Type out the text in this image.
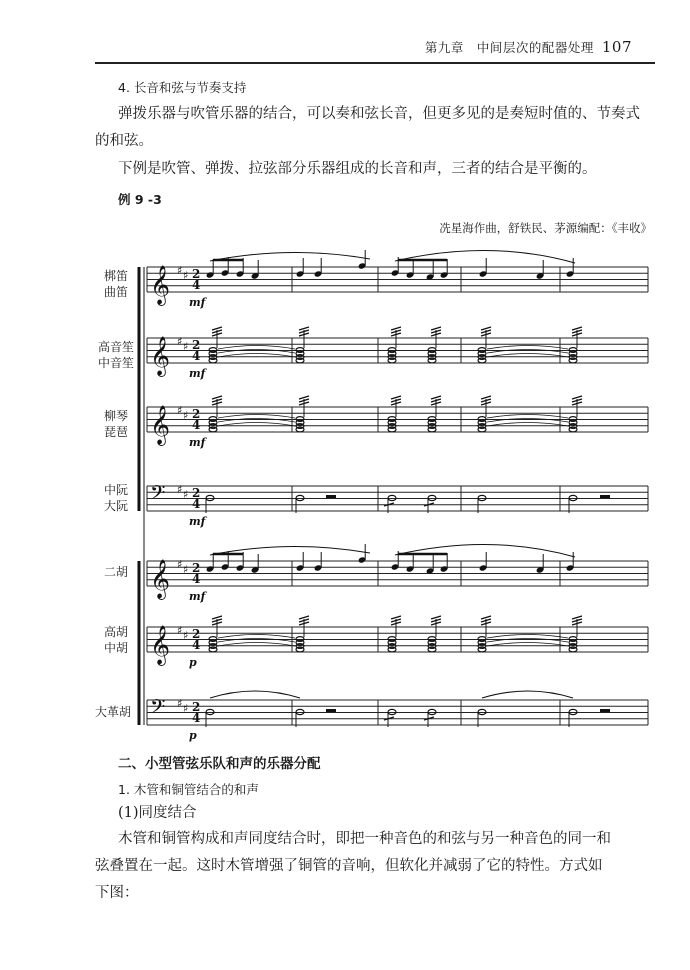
第九章　中间层次的配器处理 107
4. 长音和弦与节奏支持
弹拨乐器与吹管乐器的结合，可以奏和弦长音，但更多见的是奏短时值的、节奏式
的和弦。
下例是吹管、弹拨、拉弦部分乐器组成的长音和声，三者的结合是平衡的。
例 9 -3
冼星海作曲，舒铁民、茅源编配：《丰收》
梆笛
曲笛
高音笙
中音笙
柳琴
琵琶
中阮
大阮
二胡
高胡
中胡
大革胡
𝄞 ♯ ♯ 2
4
mf
𝄞 ♯ ♯ 2
4
mf
𝄞 ♯ ♯ 2
4
mf
𝄢 ♯ ♯ 2
4
mf
𝄞 ♯ ♯ 2
4
mf
𝄞 ♯ ♯ 2
4
p
𝄢 ♯ ♯ 2
4
p
二、小型管弦乐队和声的乐器分配
1. 木管和铜管结合的和声
(1)同度结合
木管和铜管构成和声同度结合时，即把一种音色的和弦与另一种音色的同一和
弦叠置在一起。这时木管增强了铜管的音响，但软化并减弱了它的特性。方式如
下图：
